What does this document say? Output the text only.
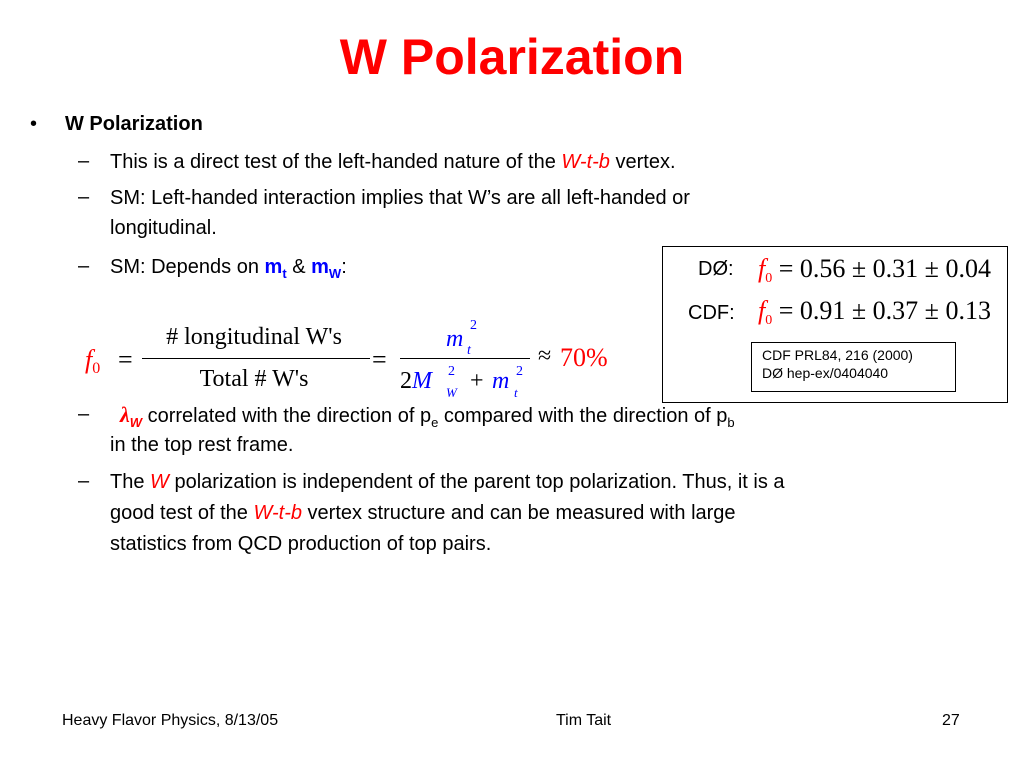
W Polarization
• W Polarization
– This is a direct test of the left-handed nature of the W-t-b vertex.
– SM: Left-handed interaction implies that W’s are all left-handed or
longitudinal.
– SM: Depends on $m_t$ & $m_W$:
$f_0$ =
# longitudinal W's
Total # W's
=
m
2
t
2M 2
W + m 2
t
≈ 70%
– $\lambda_W$ correlated with the direction of $p_e$ compared with the direction of $p_b$
in the top rest frame.
– The W polarization is independent of the parent top polarization. Thus, it is a
good test of the W-t-b vertex structure and can be measured with large
statistics from QCD production of top pairs.
DØ: $f_0 = 0.56 \pm 0.31 \pm 0.04$
CDF: $f_0 = 0.91 \pm 0.37 \pm 0.13$
CDF PRL84, 216 (2000)
DØ hep-ex/0404040
Heavy Flavor Physics, 8/13/05	Tim Tait	27
